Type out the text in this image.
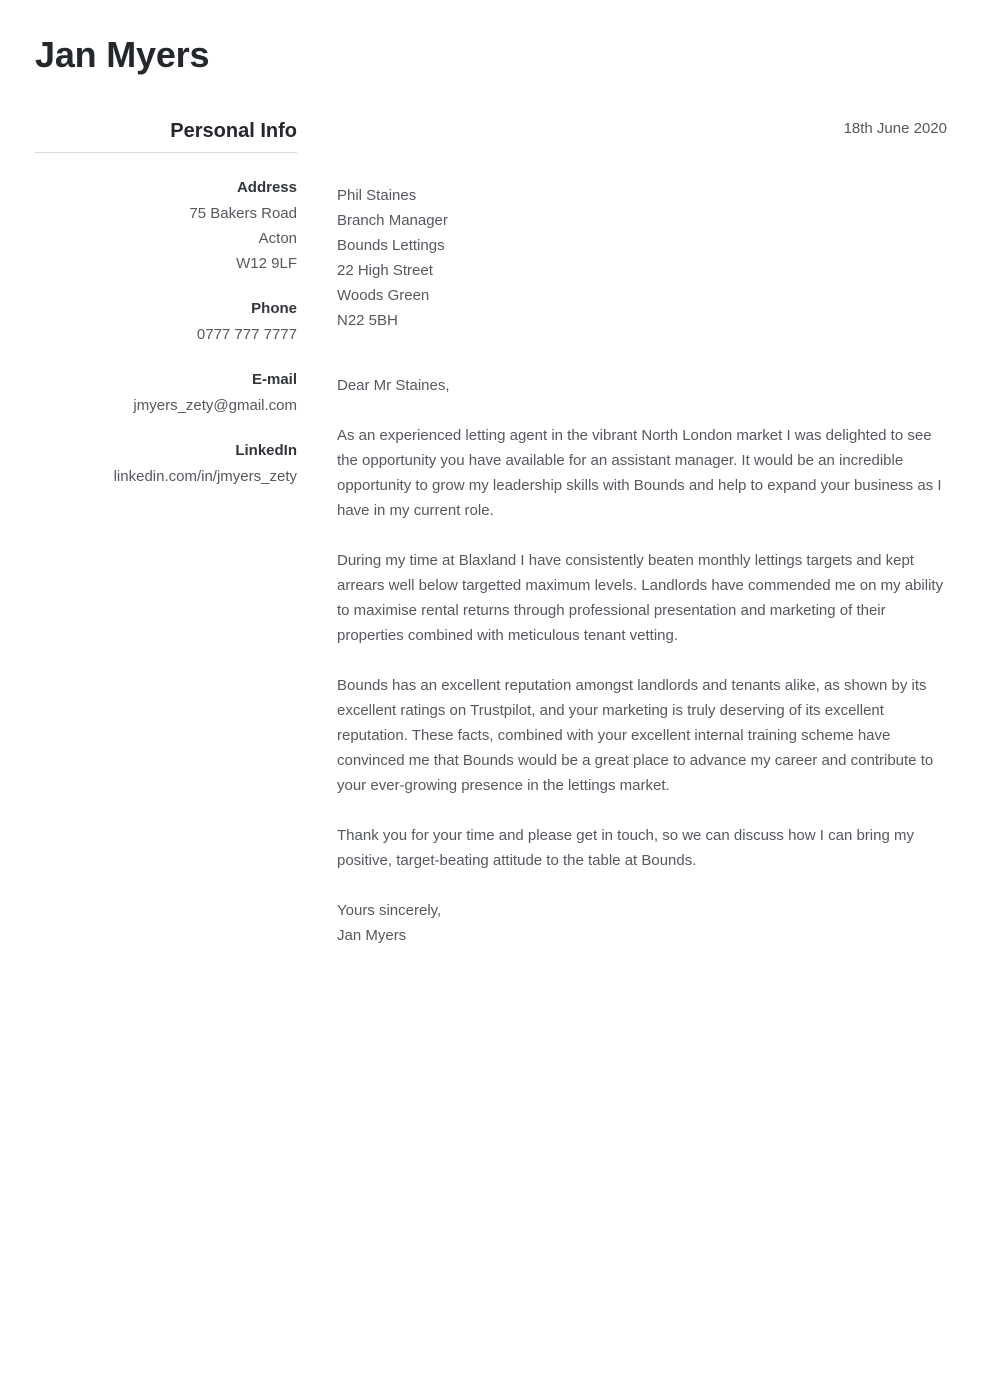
Jan Myers
Personal Info
Address
75 Bakers Road
Acton
W12 9LF
Phone
0777 777 7777
E-mail
jmyers_zety@gmail.com
LinkedIn
linkedin.com/in/jmyers_zety
18th June 2020
Phil Staines
Branch Manager
Bounds Lettings
22 High Street
Woods Green
N22 5BH
Dear Mr Staines,
As an experienced letting agent in the vibrant North London market I was delighted to see the opportunity you have available for an assistant manager. It would be an incredible opportunity to grow my leadership skills with Bounds and help to expand your business as I have in my current role.
During my time at Blaxland I have consistently beaten monthly lettings targets and kept arrears well below targetted maximum levels. Landlords have commended me on my ability to maximise rental returns through professional presentation and marketing of their properties combined with meticulous tenant vetting.
Bounds has an excellent reputation amongst landlords and tenants alike, as shown by its excellent ratings on Trustpilot, and your marketing is truly deserving of its excellent reputation. These facts, combined with your excellent internal training scheme have convinced me that Bounds would be a great place to advance my career and contribute to your ever-growing presence in the lettings market.
Thank you for your time and please get in touch, so we can discuss how I can bring my positive, target-beating attitude to the table at Bounds.
Yours sincerely,
Jan Myers
